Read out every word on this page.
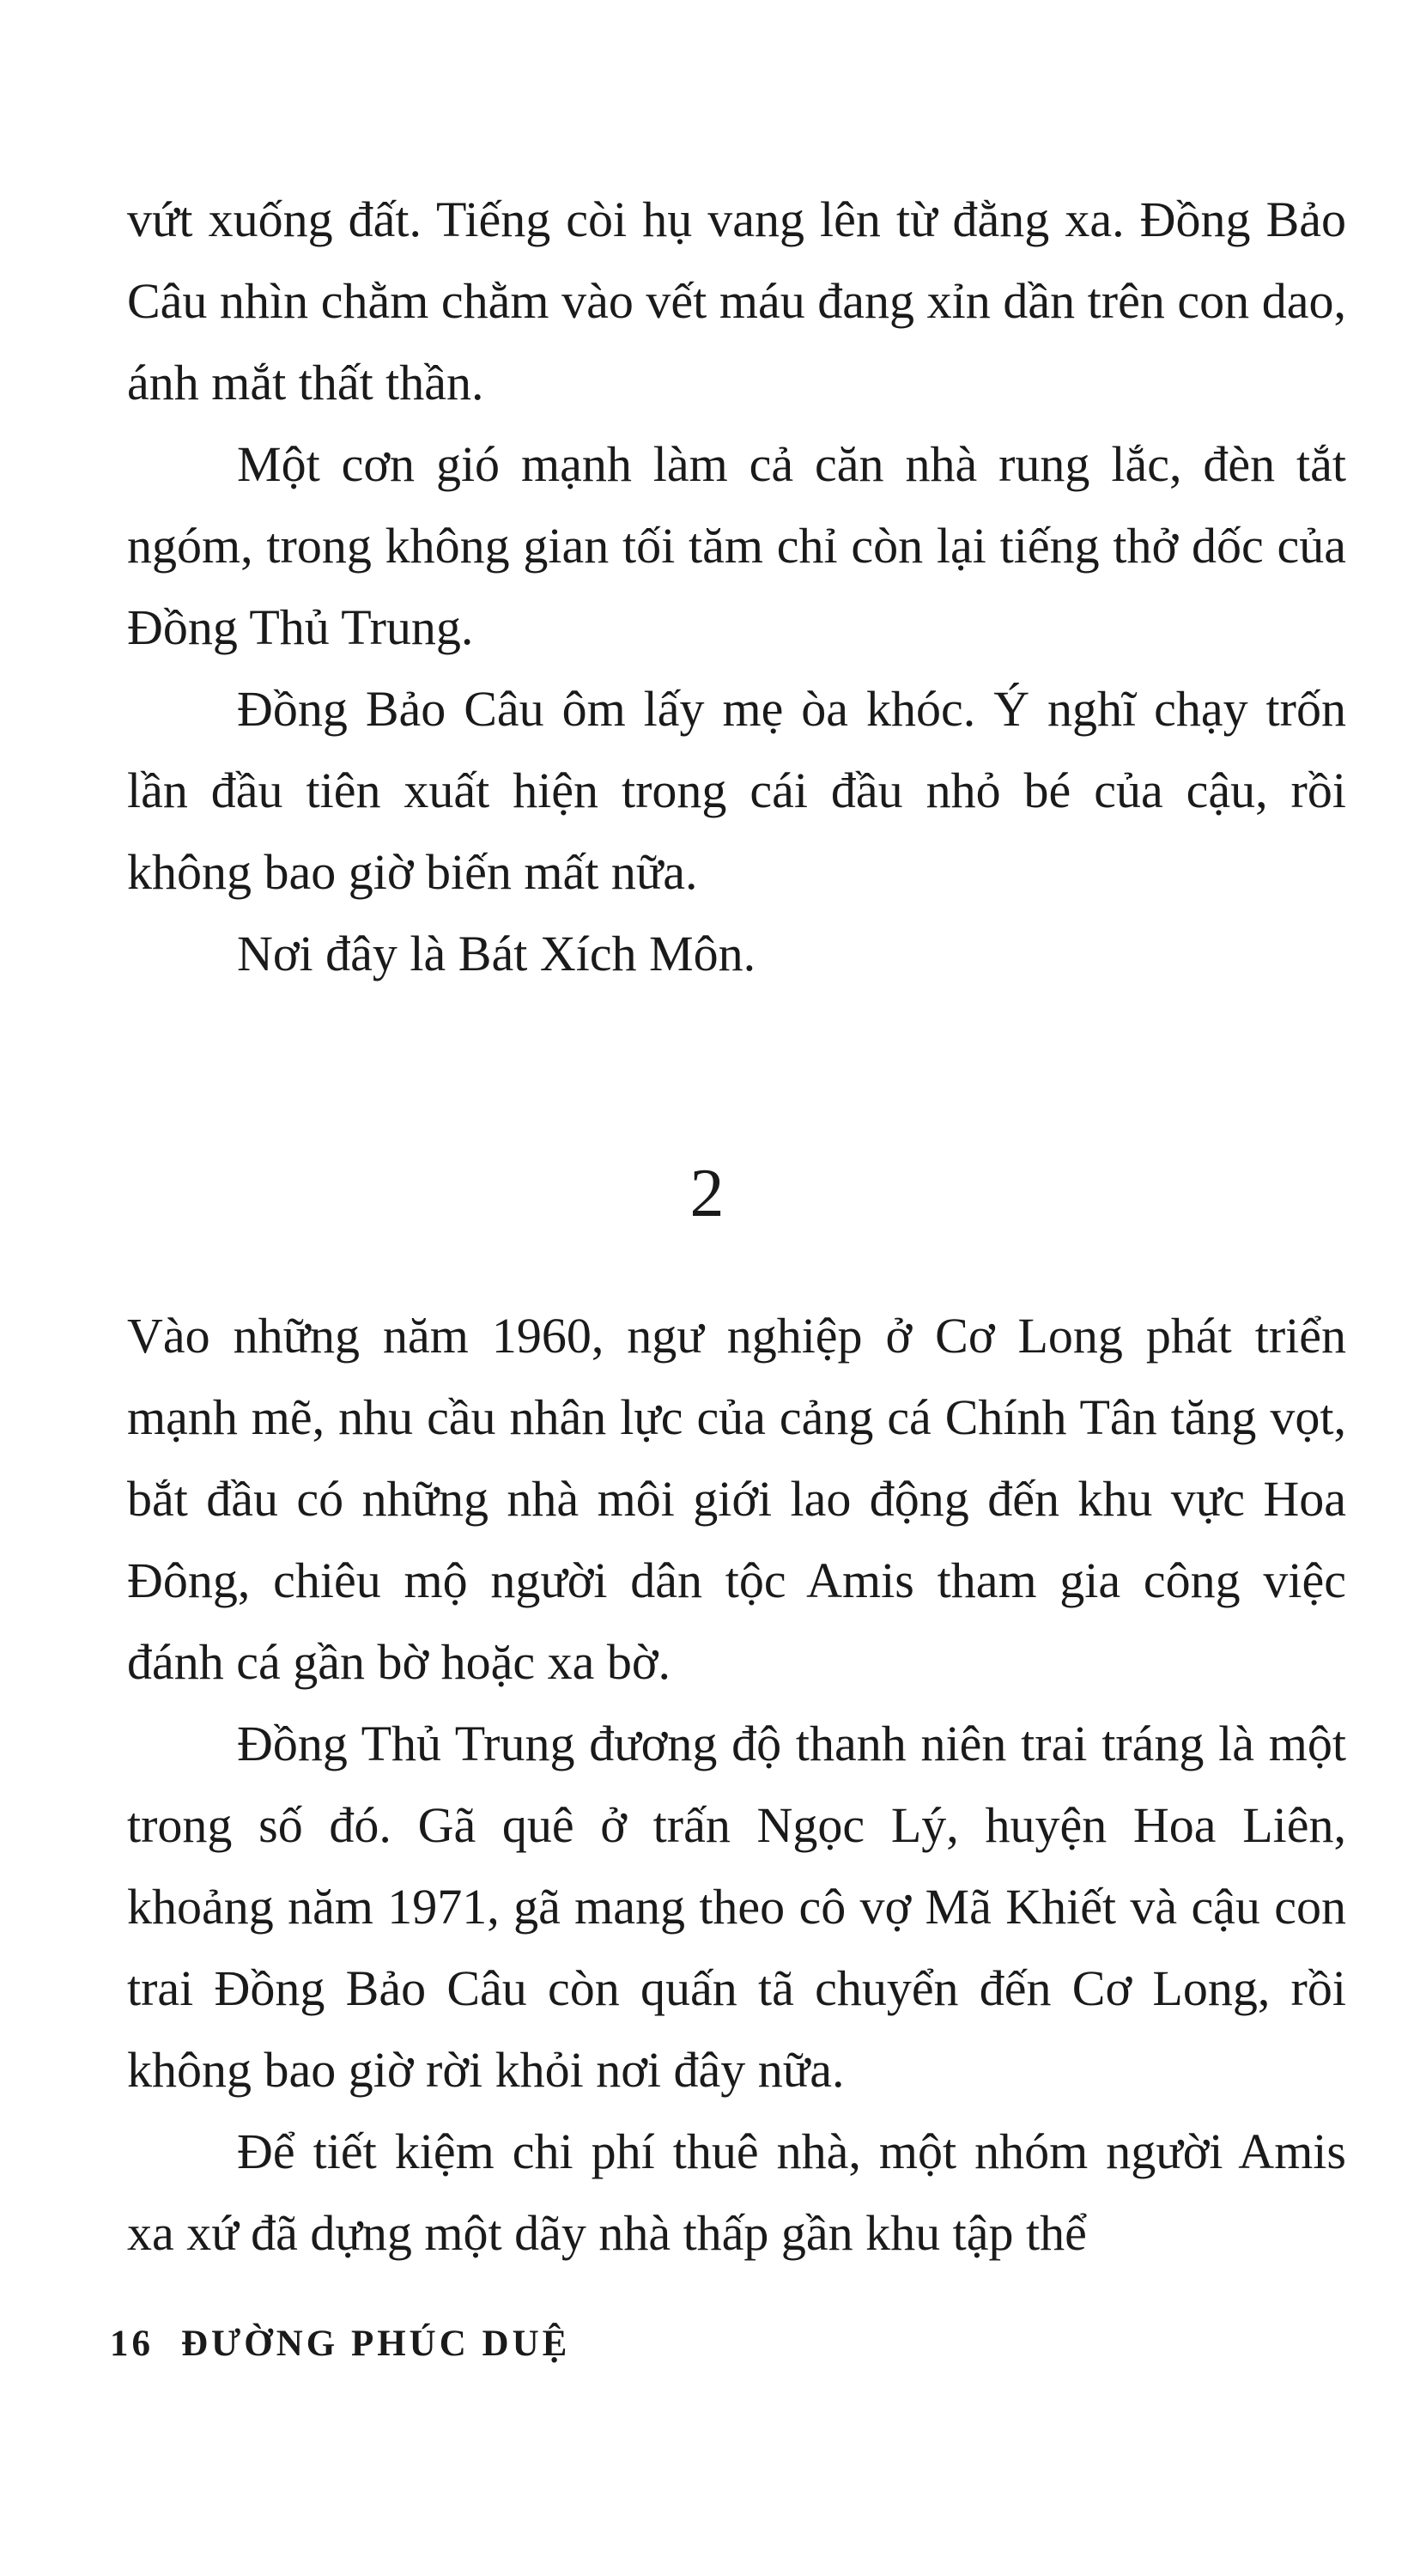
vứt xuống đất. Tiếng còi hụ vang lên từ đằng xa. Đồng Bảo Câu nhìn chằm chằm vào vết máu đang xỉn dần trên con dao, ánh mắt thất thần.

Một cơn gió mạnh làm cả căn nhà rung lắc, đèn tắt ngóm, trong không gian tối tăm chỉ còn lại tiếng thở dốc của Đồng Thủ Trung.

Đồng Bảo Câu ôm lấy mẹ òa khóc. Ý nghĩ chạy trốn lần đầu tiên xuất hiện trong cái đầu nhỏ bé của cậu, rồi không bao giờ biến mất nữa.

Nơi đây là Bát Xích Môn.

2

Vào những năm 1960, ngư nghiệp ở Cơ Long phát triển mạnh mẽ, nhu cầu nhân lực của cảng cá Chính Tân tăng vọt, bắt đầu có những nhà môi giới lao động đến khu vực Hoa Đông, chiêu mộ người dân tộc Amis tham gia công việc đánh cá gần bờ hoặc xa bờ.

Đồng Thủ Trung đương độ thanh niên trai tráng là một trong số đó. Gã quê ở trấn Ngọc Lý, huyện Hoa Liên, khoảng năm 1971, gã mang theo cô vợ Mã Khiết và cậu con trai Đồng Bảo Câu còn quấn tã chuyển đến Cơ Long, rồi không bao giờ rời khỏi nơi đây nữa.

Để tiết kiệm chi phí thuê nhà, một nhóm người Amis xa xứ đã dựng một dãy nhà thấp gần khu tập thể

16 ĐƯỜNG PHÚC DUỆ
